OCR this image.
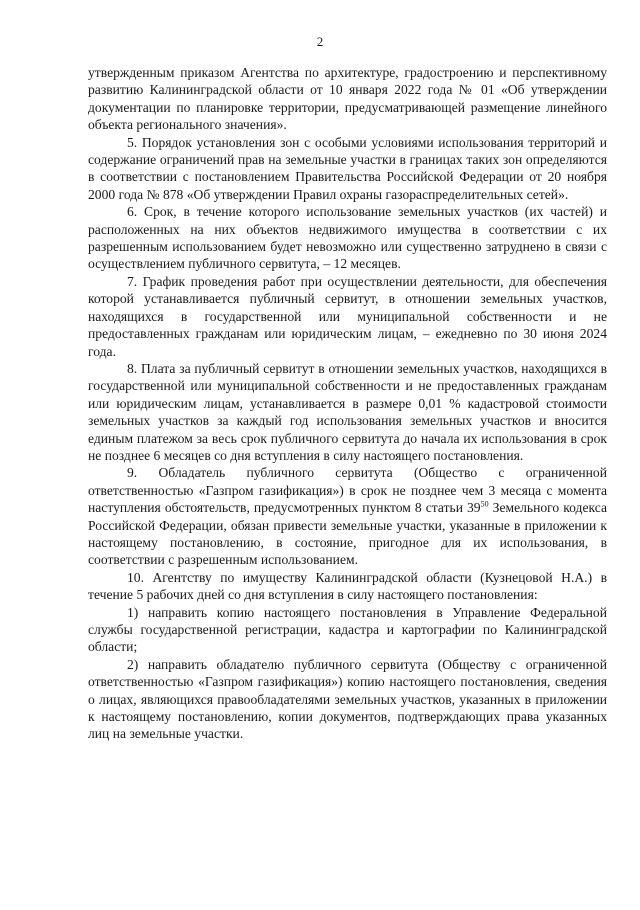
2

утвержденным приказом Агентства по архитектуре, градостроению и перспективному развитию Калининградской области от 10 января 2022 года № 01 «Об утверждении документации по планировке территории, предусматривающей размещение линейного объекта регионального значения».

5. Порядок установления зон с особыми условиями использования территорий и содержание ограничений прав на земельные участки в границах таких зон определяются в соответствии с постановлением Правительства Российской Федерации от 20 ноября 2000 года № 878 «Об утверждении Правил охраны газораспределительных сетей».

6. Срок, в течение которого использование земельных участков (их частей) и расположенных на них объектов недвижимого имущества в соответствии с их разрешенным использованием будет невозможно или существенно затруднено в связи с осуществлением публичного сервитута, – 12 месяцев.

7. График проведения работ при осуществлении деятельности, для обеспечения которой устанавливается публичный сервитут, в отношении земельных участков, находящихся в государственной или муниципальной собственности и не предоставленных гражданам или юридическим лицам, – ежедневно по 30 июня 2024 года.

8. Плата за публичный сервитут в отношении земельных участков, находящихся в государственной или муниципальной собственности и не предоставленных гражданам или юридическим лицам, устанавливается в размере 0,01 % кадастровой стоимости земельных участков за каждый год использования земельных участков и вносится единым платежом за весь срок публичного сервитута до начала их использования в срок не позднее 6 месяцев со дня вступления в силу настоящего постановления.

9. Обладатель публичного сервитута (Общество с ограниченной ответственностью «Газпром газификация») в срок не позднее чем 3 месяца с момента наступления обстоятельств, предусмотренных пунктом 8 статьи $39^{50}$ Земельного кодекса Российской Федерации, обязан привести земельные участки, указанные в приложении к настоящему постановлению, в состояние, пригодное для их использования, в соответствии с разрешенным использованием.

10. Агентству по имуществу Калининградской области (Кузнецовой Н.А.) в течение 5 рабочих дней со дня вступления в силу настоящего постановления:

1) направить копию настоящего постановления в Управление Федеральной службы государственной регистрации, кадастра и картографии по Калининградской области;

2) направить обладателю публичного сервитута (Обществу с ограниченной ответственностью «Газпром газификация») копию настоящего постановления, сведения о лицах, являющихся правообладателями земельных участков, указанных в приложении к настоящему постановлению, копии документов, подтверждающих права указанных лиц на земельные участки.
